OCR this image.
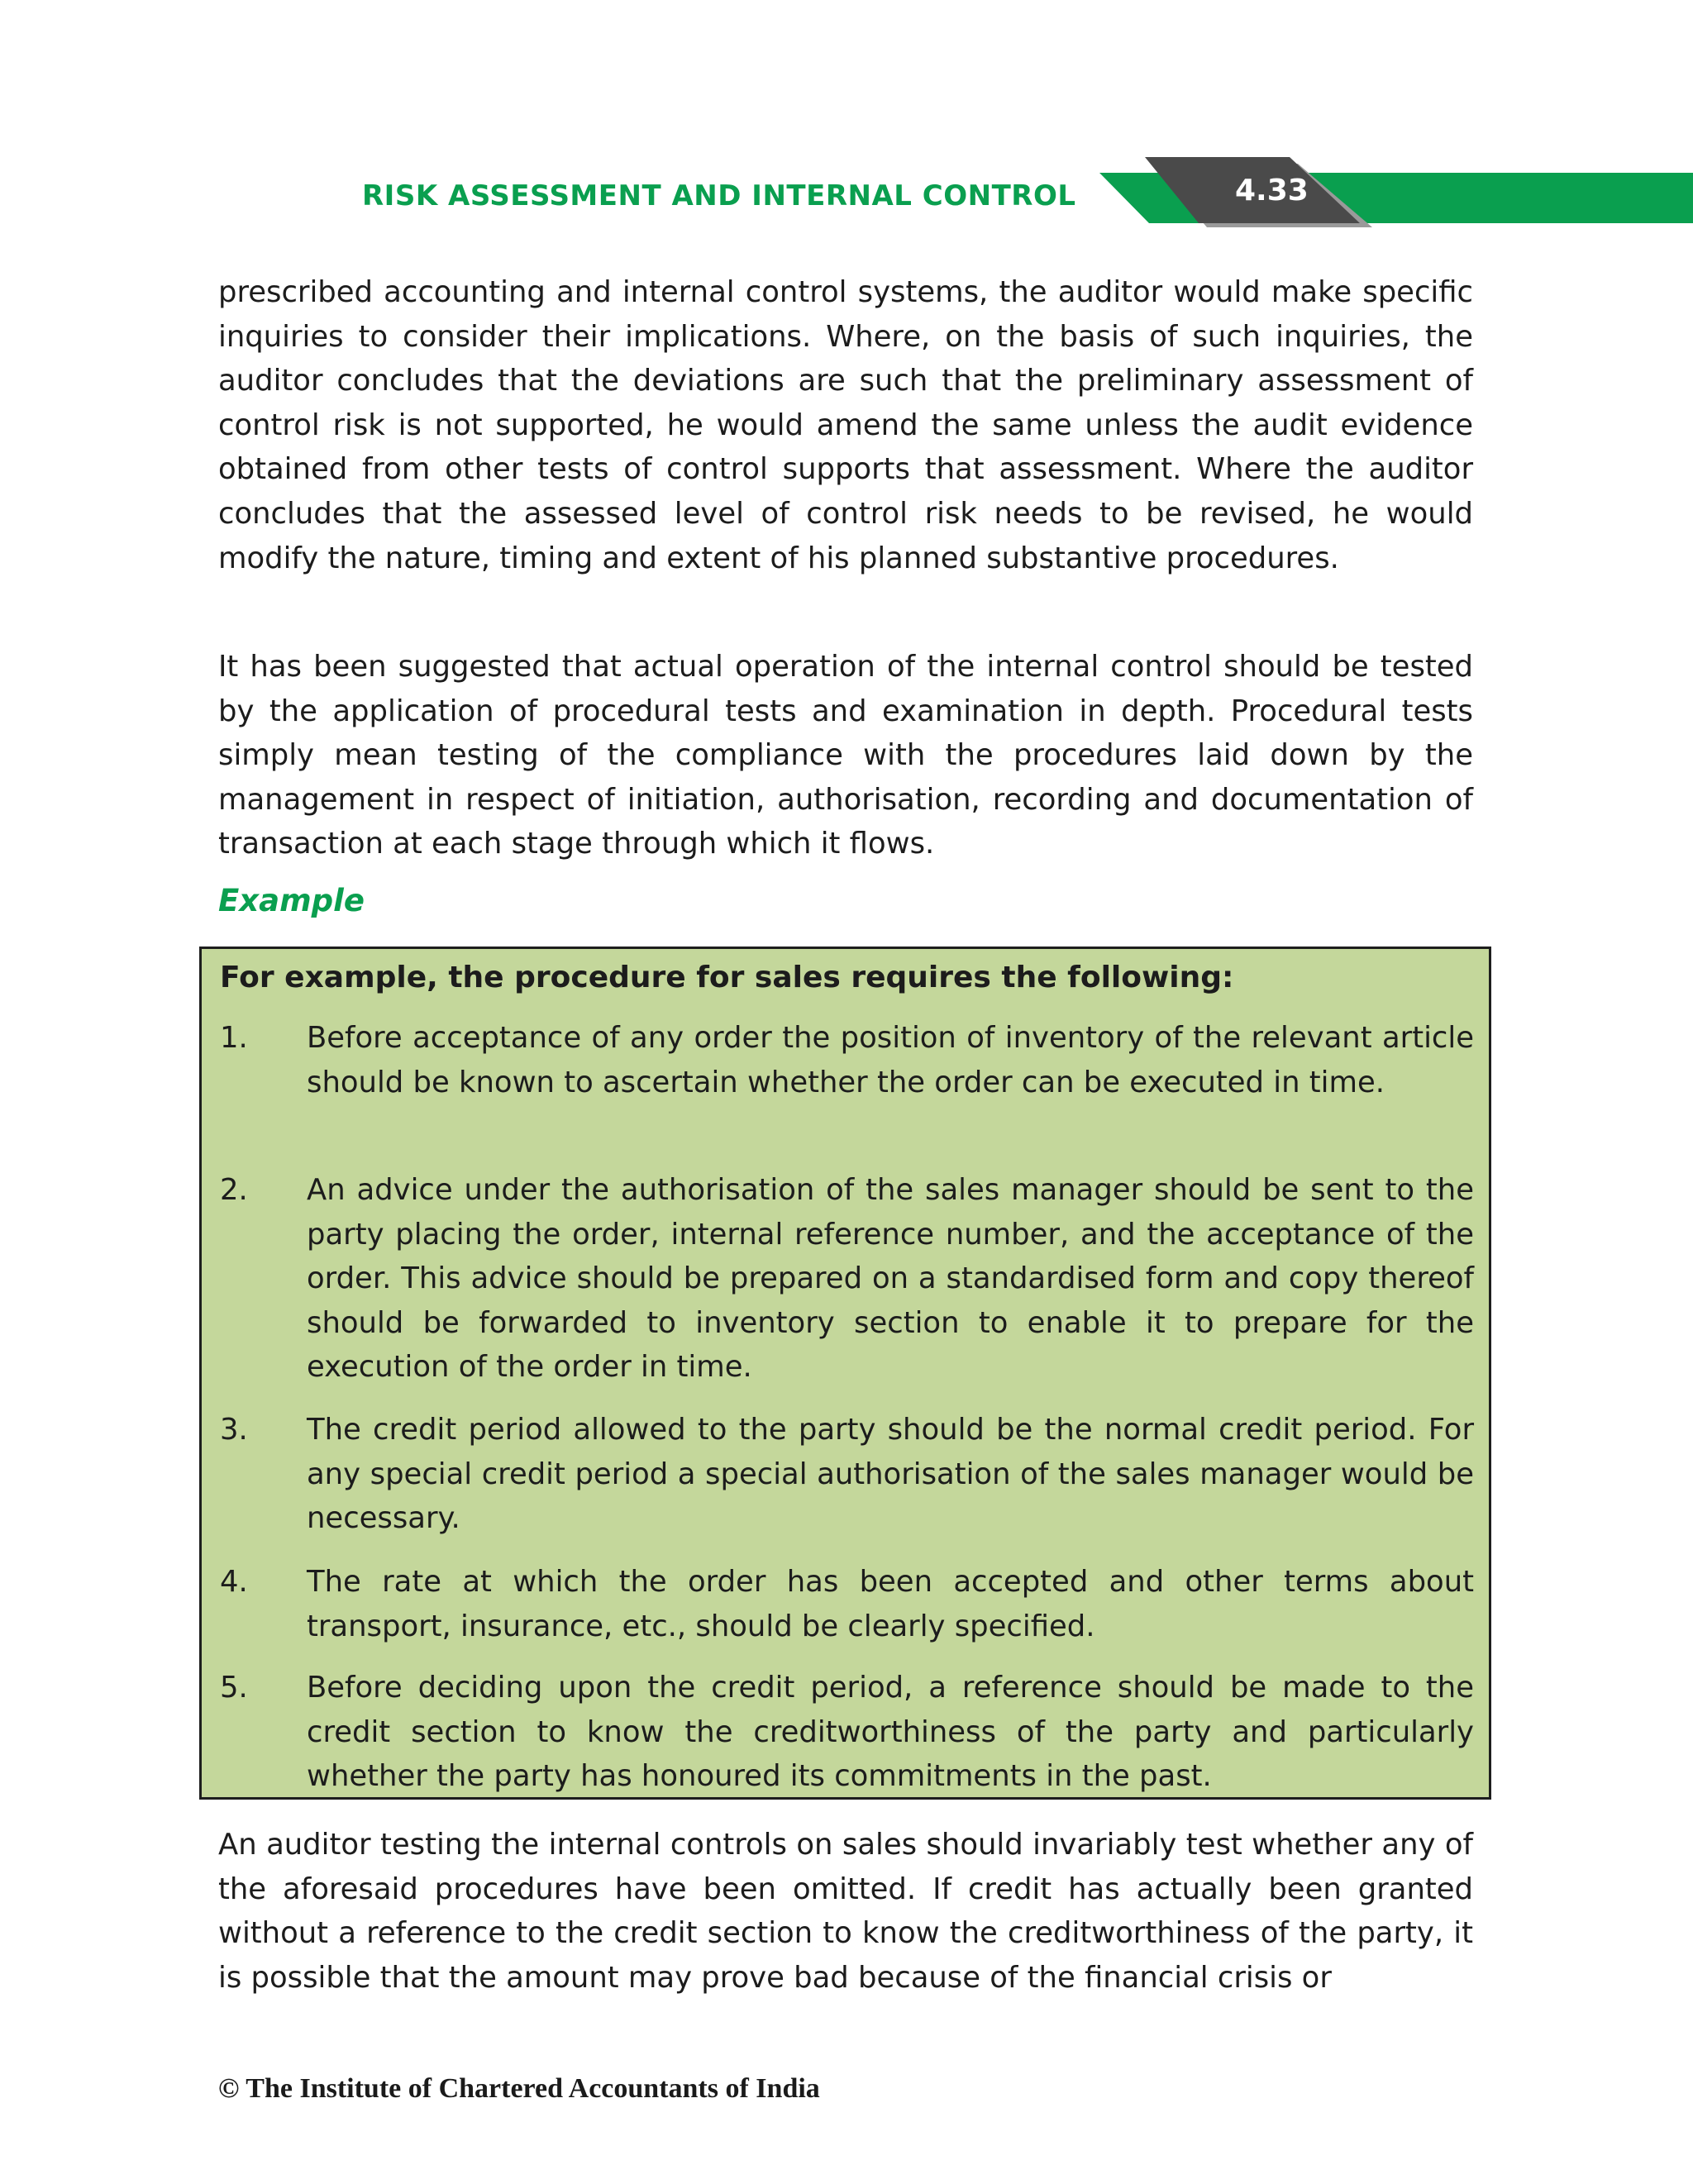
RISK ASSESSMENT AND INTERNAL CONTROL	4.33

prescribed accounting and internal control systems, the auditor would make specific inquiries to consider their implications. Where, on the basis of such inquiries, the auditor concludes that the deviations are such that the preliminary assessment of control risk is not supported, he would amend the same unless the audit evidence obtained from other tests of control supports that assessment. Where the auditor concludes that the assessed level of control risk needs to be revised, he would modify the nature, timing and extent of his planned substantive procedures.

It has been suggested that actual operation of the internal control should be tested by the application of procedural tests and examination in depth. Procedural tests simply mean testing of the compliance with the procedures laid down by the management in respect of initiation, authorisation, recording and documentation of transaction at each stage through which it flows.

Example
For example, the procedure for sales requires the following:
1. Before acceptance of any order the position of inventory of the relevant article should be known to ascertain whether the order can be executed in time.

2. An advice under the authorisation of the sales manager should be sent to the party placing the order, internal reference number, and the acceptance of the order. This advice should be prepared on a standardised form and copy thereof should be forwarded to inventory section to enable it to prepare for the execution of the order in time.

3. The credit period allowed to the party should be the normal credit period. For any special credit period a special authorisation of the sales manager would be necessary.

4. The rate at which the order has been accepted and other terms about transport, insurance, etc., should be clearly specified.

5. Before deciding upon the credit period, a reference should be made to the credit section to know the creditworthiness of the party and particularly whether the party has honoured its commitments in the past.

An auditor testing the internal controls on sales should invariably test whether any of the aforesaid procedures have been omitted. If credit has actually been granted without a reference to the credit section to know the creditworthiness of the party, it is possible that the amount may prove bad because of the financial crisis or

© The Institute of Chartered Accountants of India
